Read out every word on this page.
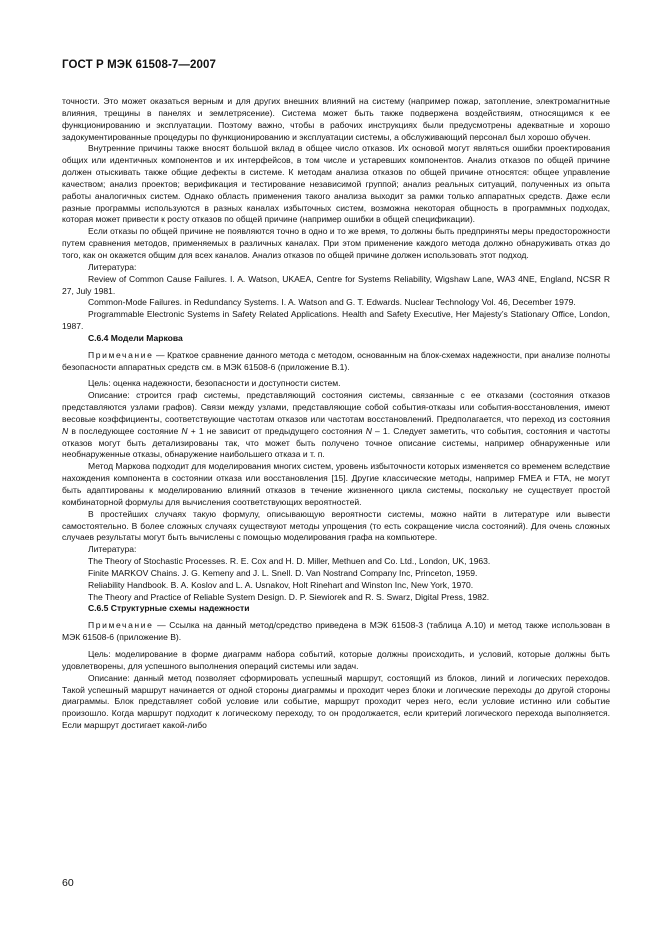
ГОСТ Р МЭК 61508-7—2007

точности. Это может оказаться верным и для других внешних влияний на систему (например пожар, затопление, электромагнитные влияния, трещины в панелях и землетрясение). Система может быть также подвержена воздействиям, относящимся к ее функционированию и эксплуатации. Поэтому важно, чтобы в рабочих инструкциях были предусмотрены адекватные и хорошо задокументированные процедуры по функционированию и эксплуатации системы, а обслуживающий персонал был хорошо обучен.

Внутренние причины также вносят большой вклад в общее число отказов. Их основой могут являться ошибки проектирования общих или идентичных компонентов и их интерфейсов, в том числе и устаревших компонентов. Анализ отказов по общей причине должен отыскивать также общие дефекты в системе. К методам анализа отказов по общей причине относятся: общее управление качеством; анализ проектов; верификация и тестирование независимой группой; анализ реальных ситуаций, полученных из опыта работы аналогичных систем. Однако область применения такого анализа выходит за рамки только аппаратных средств. Даже если разные программы используются в разных каналах избыточных систем, возможна некоторая общность в программных подходах, которая может привести к росту отказов по общей причине (например ошибки в общей спецификации).

Если отказы по общей причине не появляются точно в одно и то же время, то должны быть предприняты меры предосторожности путем сравнения методов, применяемых в различных каналах. При этом применение каждого метода должно обнаруживать отказ до того, как он окажется общим для всех каналов. Анализ отказов по общей причине должен использовать этот подход.

Литература:

Review of Common Cause Failures. I. A. Watson, UKAEA, Centre for Systems Reliability, Wigshaw Lane, WA3 4NE, England, NCSR R 27, July 1981.

Common-Mode Failures. in Redundancy Systems. I. A. Watson and G. T. Edwards. Nuclear Technology Vol. 46, December 1979.

Programmable Electronic Systems in Safety Related Applications. Health and Safety Executive, Her Majesty’s Stationary Office, London, 1987.

С.6.4 Модели Маркова

Примечание — Краткое сравнение данного метода с методом, основанным на блок-схемах надежности, при анализе полноты безопасности аппаратных средств см. в МЭК 61508-6 (приложение В.1).

Цель: оценка надежности, безопасности и доступности систем.

Описание: строится граф системы, представляющий состояния системы, связанные с ее отказами (состояния отказов представляются узлами графов). Связи между узлами, представляющие собой события-отказы или события-восстановления, имеют весовые коэффициенты, соответствующие частотам отказов или частотам восстановлений. Предполагается, что переход из состояния N в последующее состояние N + 1 не зависит от предыдущего состояния N – 1. Следует заметить, что события, состояния и частоты отказов могут быть детализированы так, что может быть получено точное описание системы, например обнаруженные или необнаруженные отказы, обнаружение наибольшего отказа и т. п.

Метод Маркова подходит для моделирования многих систем, уровень избыточности которых изменяется со временем вследствие нахождения компонента в состоянии отказа или восстановления [15]. Другие классические методы, например FMEA и FTA, не могут быть адаптированы к моделированию влияний отказов в течение жизненного цикла системы, поскольку не существует простой комбинаторной формулы для вычисления соответствующих вероятностей.

В простейших случаях такую формулу, описывающую вероятности системы, можно найти в литературе или вывести самостоятельно. В более сложных случаях существуют методы упрощения (то есть сокращение числа состояний). Для очень сложных случаев результаты могут быть вычислены с помощью моделирования графа на компьютере.

Литература:

The Theory of Stochastic Processes. R. E. Cox and H. D. Miller, Methuen and Co. Ltd., London, UK, 1963.

Finite MARKOV Chains. J. G. Kemeny and J. L. Snell. D. Van Nostrand Company Inc, Princeton, 1959.

Reliability Handbook. B. A. Koslov and L. A. Usnakov, Holt Rinehart and Winston Inc, New York, 1970.

The Theory and Practice of Reliable System Design. D. P. Siewiorek and R. S. Swarz, Digital Press, 1982.

С.6.5 Структурные схемы надежности

Примечание — Ссылка на данный метод/средство приведена в МЭК 61508-3 (таблица А.10) и метод также использован в МЭК 61508-6 (приложение В).

Цель: моделирование в форме диаграмм набора событий, которые должны происходить, и условий, которые должны быть удовлетворены, для успешного выполнения операций системы или задач.

Описание: данный метод позволяет сформировать успешный маршрут, состоящий из блоков, линий и логических переходов. Такой успешный маршрут начинается от одной стороны диаграммы и проходит через блоки и логические переходы до другой стороны диаграммы. Блок представляет собой условие или событие, маршрут проходит через него, если условие истинно или событие произошло. Когда маршрут подходит к логическому переходу, то он продолжается, если критерий логического перехода выполняется. Если маршрут достигает какой-либо

60
